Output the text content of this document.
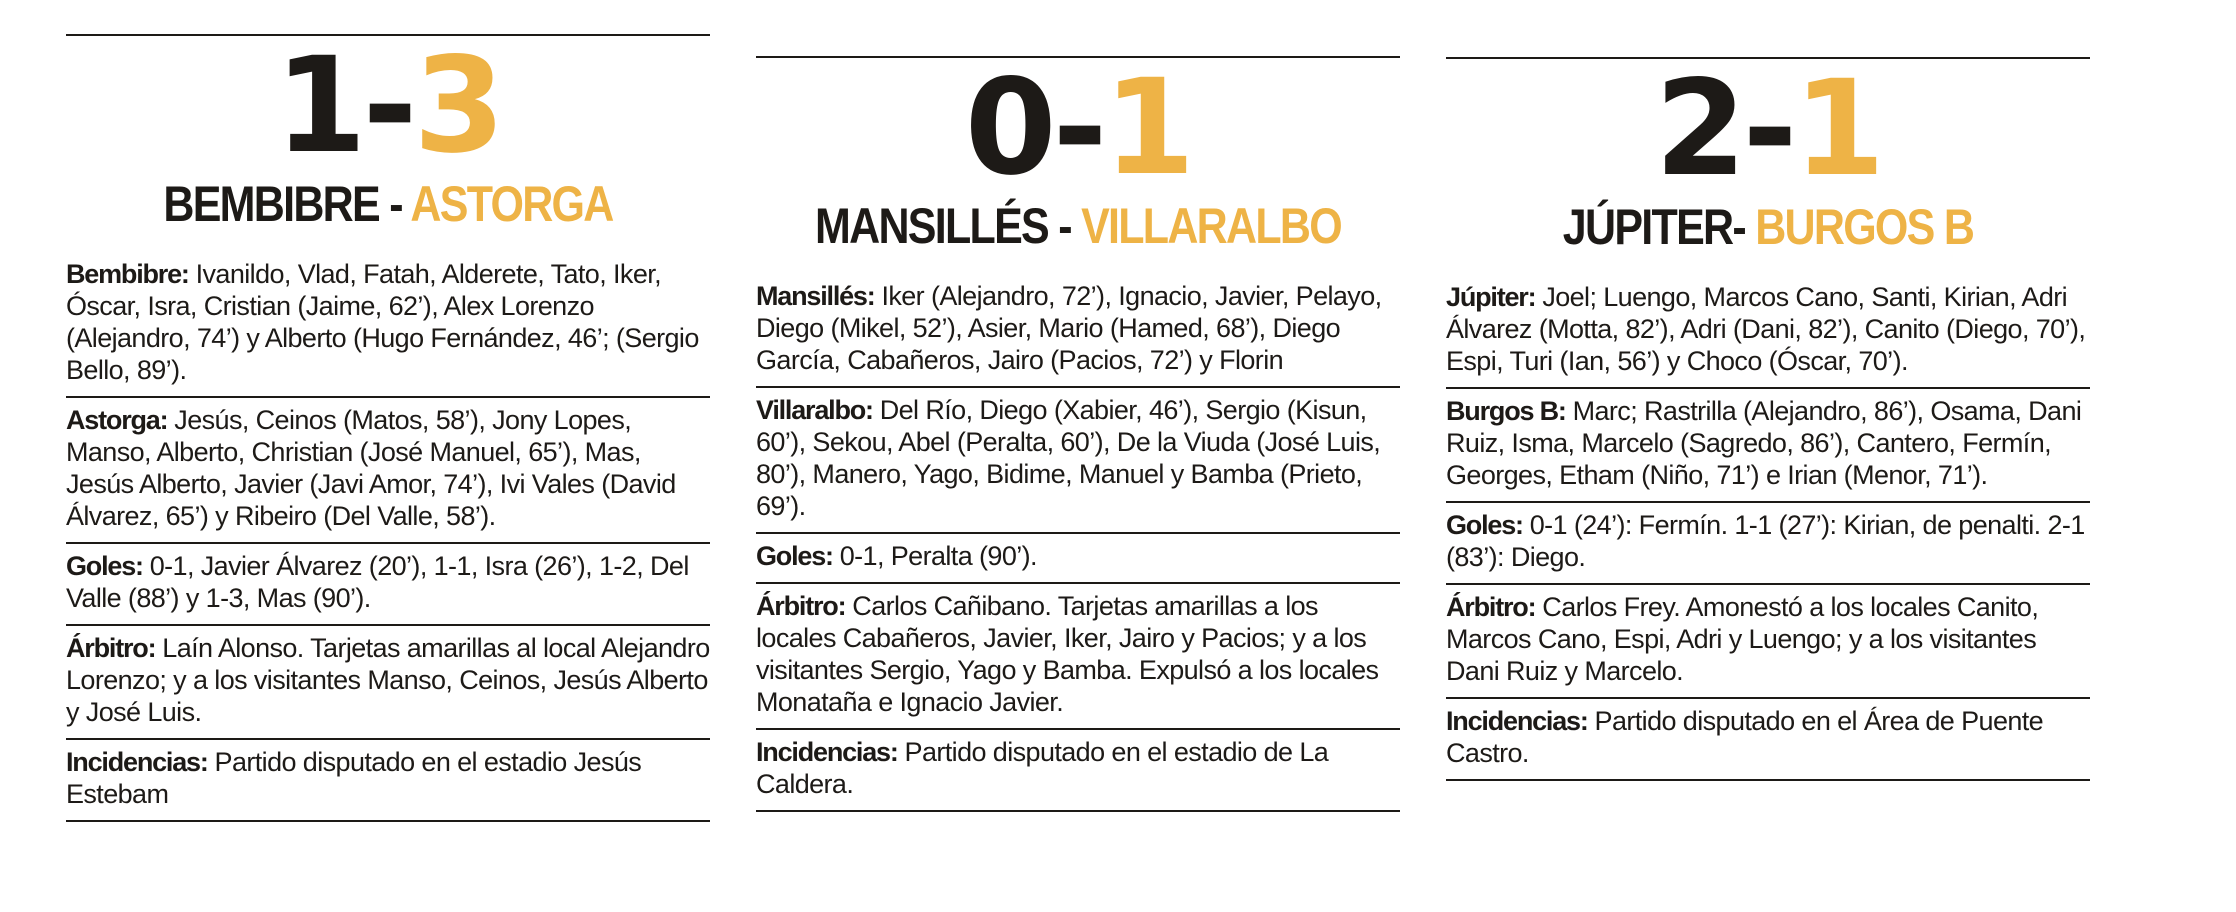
1-3
BEMBIBRE - ASTORGA
Bembibre: Ivanildo, Vlad, Fatah, Alderete, Tato, Iker, Óscar, Isra, Cristian (Jaime, 62’), Alex Lorenzo (Alejandro, 74’) y Alberto (Hugo Fernández, 46’; (Sergio Bello, 89’).
Astorga: Jesús, Ceinos (Matos, 58’), Jony Lopes, Manso, Alberto, Christian (José Manuel, 65’), Mas, Jesús Alberto, Javier (Javi Amor, 74’), Ivi Vales (David Álvarez, 65’) y Ribeiro (Del Valle, 58’).
Goles: 0-1, Javier Álvarez (20’), 1-1, Isra (26’), 1-2, Del Valle (88’) y 1-3, Mas (90’).
Árbitro: Laín Alonso. Tarjetas amarillas al local Alejandro Lorenzo; y a los visitantes Manso, Ceinos, Jesús Alberto y José Luis.
Incidencias: Partido disputado en el estadio Jesús Estebam
0-1
MANSILLÉS - VILLARALBO
Mansillés: Iker (Alejandro, 72’), Ignacio, Javier, Pelayo, Diego (Mikel, 52’), Asier, Mario (Hamed, 68’), Diego García, Cabañeros, Jairo (Pacios, 72’) y Florin
Villaralbo: Del Río, Diego (Xabier, 46’), Sergio (Kisun, 60’), Sekou, Abel (Peralta, 60’), De la Viuda (José Luis, 80’), Manero, Yago, Bidime, Manuel y Bamba (Prieto, 69’).
Goles: 0-1, Peralta (90’).
Árbitro: Carlos Cañibano. Tarjetas amarillas a los locales Cabañeros, Javier, Iker, Jairo y Pacios; y a los visitantes Sergio, Yago y Bamba. Expulsó a los locales Monataña e Ignacio Javier.
Incidencias: Partido disputado en el estadio de La Caldera.
2-1
JÚPITER- BURGOS B
Júpiter: Joel; Luengo, Marcos Cano, Santi, Kirian, Adri Álvarez (Motta, 82’), Adri (Dani, 82’), Canito (Diego, 70’), Espi, Turi (Ian, 56’) y Choco (Óscar, 70’).
Burgos B: Marc; Rastrilla (Alejandro, 86’), Osama, Dani Ruiz, Isma, Marcelo (Sagredo, 86’), Cantero, Fermín, Georges, Etham (Niño, 71’) e Irian (Menor, 71’).
Goles: 0-1 (24’): Fermín. 1-1 (27’): Kirian, de penalti. 2-1 (83’): Diego.
Árbitro: Carlos Frey. Amonestó a los locales Canito, Marcos Cano, Espi, Adri y Luengo; y a los visitantes Dani Ruiz y Marcelo.
Incidencias: Partido disputado en el Área de Puente Castro.
